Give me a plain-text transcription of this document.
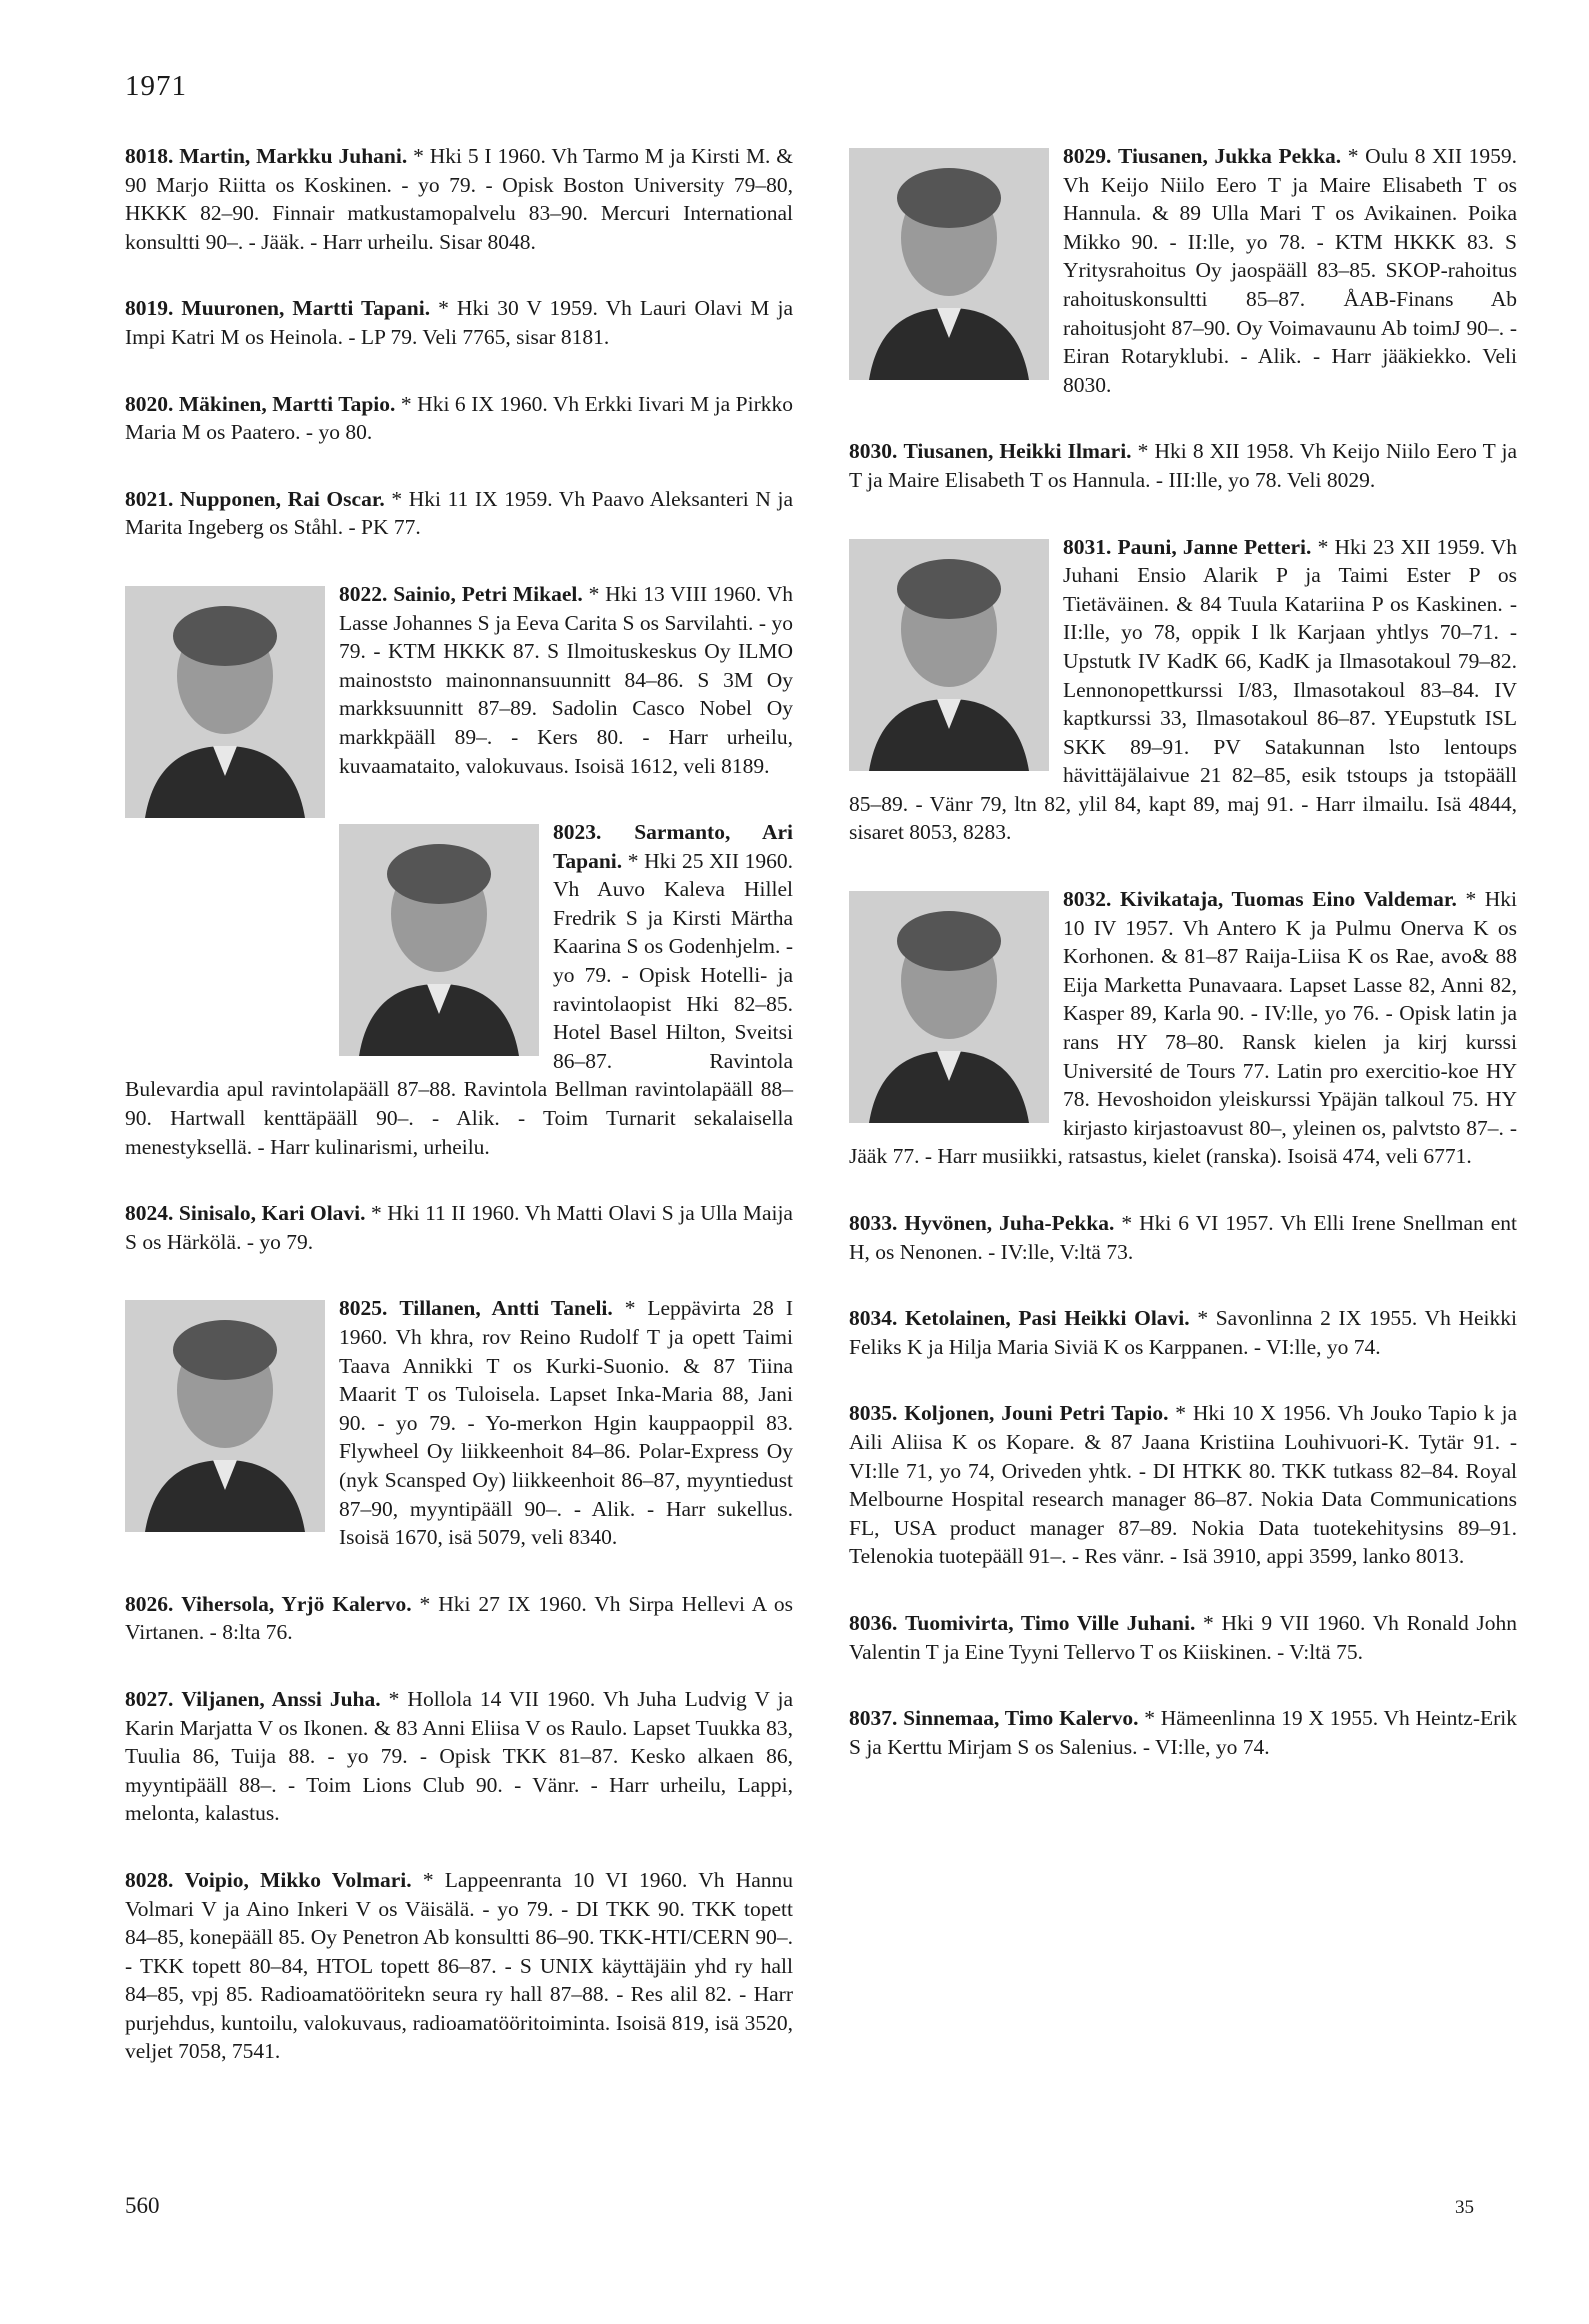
1971
8018. Martin, Markku Juhani. * Hki 5 I 1960. Vh Tarmo M ja Kirsti M. & 90 Marjo Riitta os Koskinen. - yo 79. - Opisk Boston University 79–80, HKKK 82–90. Finnair matkustamopalvelu 83–90. Mercuri International konsultti 90–. - Jääk. - Harr urheilu. Sisar 8048.
8019. Muuronen, Martti Tapani. * Hki 30 V 1959. Vh Lauri Olavi M ja Impi Katri M os Heinola. - LP 79. Veli 7765, sisar 8181.
8020. Mäkinen, Martti Tapio. * Hki 6 IX 1960. Vh Erkki Iivari M ja Pirkko Maria M os Paatero. - yo 80.
8021. Nupponen, Rai Oscar. * Hki 11 IX 1959. Vh Paavo Aleksanteri N ja Marita Ingeberg os Ståhl. - PK 77.
8022. Sainio, Petri Mikael. * Hki 13 VIII 1960. Vh Lasse Johannes S ja Eeva Carita S os Sarvilahti. - yo 79. - KTM HKKK 87. S Ilmoituskeskus Oy ILMO mainoststo mainonnansuunnitt 84–86. S 3M Oy markksuunnitt 87–89. Sadolin Casco Nobel Oy markkpääll 89–. - Kers 80. - Harr urheilu, kuvaamataito, valokuvaus. Isoisä 1612, veli 8189.
8023. Sarmanto, Ari Tapani. * Hki 25 XII 1960. Vh Auvo Kaleva Hillel Fredrik S ja Kirsti Märtha Kaarina S os Godenhjelm. - yo 79. - Opisk Hotelli- ja ravintolaopist Hki 82–85. Hotel Basel Hilton, Sveitsi 86–87. Ravintola Bulevardia apul ravintolapääll 87–88. Ravintola Bellman ravintolapääll 88–90. Hartwall kenttäpääll 90–. - Alik. - Toim Turnarit sekalaisella menestyksellä. - Harr kulinarismi, urheilu.
8024. Sinisalo, Kari Olavi. * Hki 11 II 1960. Vh Matti Olavi S ja Ulla Maija S os Härkölä. - yo 79.
8025. Tillanen, Antti Taneli. * Leppävirta 28 I 1960. Vh khra, rov Reino Rudolf T ja opett Taimi Taava Annikki T os Kurki-Suonio. & 87 Tiina Maarit T os Tuloisela. Lapset Inka-Maria 88, Jani 90. - yo 79. - Yo-merkon Hgin kauppaoppil 83. Flywheel Oy liikkeenhoit 84–86. Polar-Express Oy (nyk Scansped Oy) liikkeenhoit 86–87, myyntiedust 87–90, myyntipääll 90–. - Alik. - Harr sukellus. Isoisä 1670, isä 5079, veli 8340.
8026. Vihersola, Yrjö Kalervo. * Hki 27 IX 1960. Vh Sirpa Hellevi A os Virtanen. - 8:lta 76.
8027. Viljanen, Anssi Juha. * Hollola 14 VII 1960. Vh Juha Ludvig V ja Karin Marjatta V os Ikonen. & 83 Anni Eliisa V os Raulo. Lapset Tuukka 83, Tuulia 86, Tuija 88. - yo 79. - Opisk TKK 81–87. Kesko alkaen 86, myyntipääll 88–. - Toim Lions Club 90. - Vänr. - Harr urheilu, Lappi, melonta, kalastus.
8028. Voipio, Mikko Volmari. * Lappeenranta 10 VI 1960. Vh Hannu Volmari V ja Aino Inkeri V os Väisälä. - yo 79. - DI TKK 90. TKK topett 84–85, konepääll 85. Oy Penetron Ab konsultti 86–90. TKK-HTI/CERN 90–. - TKK topett 80–84, HTOL topett 86–87. - S UNIX käyttäjäin yhd ry hall 84–85, vpj 85. Radioamatööritekn seura ry hall 87–88. - Res alil 82. - Harr purjehdus, kuntoilu, valokuvaus, radioamatööritoiminta. Isoisä 819, isä 3520, veljet 7058, 7541.
8029. Tiusanen, Jukka Pekka. * Oulu 8 XII 1959. Vh Keijo Niilo Eero T ja Maire Elisabeth T os Hannula. & 89 Ulla Mari T os Avikainen. Poika Mikko 90. - II:lle, yo 78. - KTM HKKK 83. S Yritysrahoitus Oy jaospääll 83–85. SKOP-rahoitus rahoituskonsultti 85–87. ÅAB-Finans Ab rahoitusjoht 87–90. Oy Voimavaunu Ab toimJ 90–. - Eiran Rotaryklubi. - Alik. - Harr jääkiekko. Veli 8030.
8030. Tiusanen, Heikki Ilmari. * Hki 8 XII 1958. Vh Keijo Niilo Eero T ja T ja Maire Elisabeth T os Hannula. - III:lle, yo 78. Veli 8029.
8031. Pauni, Janne Petteri. * Hki 23 XII 1959. Vh Juhani Ensio Alarik P ja Taimi Ester P os Tietäväinen. & 84 Tuula Katariina P os Kaskinen. - II:lle, yo 78, oppik I lk Karjaan yhtlys 70–71. - Upstutk IV KadK 66, KadK ja Ilmasotakoul 79–82. Lennonopettkurssi I/83, Ilmasotakoul 83–84. IV kaptkurssi 33, Ilmasotakoul 86–87. YEupstutk ISL SKK 89–91. PV Satakunnan lsto lentoups hävittäjälaivue 21 82–85, esik tstoups ja tstopääll 85–89. - Vänr 79, ltn 82, ylil 84, kapt 89, maj 91. - Harr ilmailu. Isä 4844, sisaret 8053, 8283.
8032. Kivikataja, Tuomas Eino Valdemar. * Hki 10 IV 1957. Vh Antero K ja Pulmu Onerva K os Korhonen. & 81–87 Raija-Liisa K os Rae, avo& 88 Eija Marketta Punavaara. Lapset Lasse 82, Anni 82, Kasper 89, Karla 90. - IV:lle, yo 76. - Opisk latin ja rans HY 78–80. Ransk kielen ja kirj kurssi Université de Tours 77. Latin pro exercitio-koe HY 78. Hevoshoidon yleiskurssi Ypäjän talkoul 75. HY kirjasto kirjastoavust 80–, yleinen os, palvtsto 87–. - Jääk 77. - Harr musiikki, ratsastus, kielet (ranska). Isoisä 474, veli 6771.
8033. Hyvönen, Juha-Pekka. * Hki 6 VI 1957. Vh Elli Irene Snellman ent H, os Nenonen. - IV:lle, V:ltä 73.
8034. Ketolainen, Pasi Heikki Olavi. * Savonlinna 2 IX 1955. Vh Heikki Feliks K ja Hilja Maria Siviä K os Karppanen. - VI:lle, yo 74.
8035. Koljonen, Jouni Petri Tapio. * Hki 10 X 1956. Vh Jouko Tapio k ja Aili Aliisa K os Kopare. & 87 Jaana Kristiina Louhivuori-K. Tytär 91. - VI:lle 71, yo 74, Oriveden yhtk. - DI HTKK 80. TKK tutkass 82–84. Royal Melbourne Hospital research manager 86–87. Nokia Data Communications FL, USA product manager 87–89. Nokia Data tuotekehitysins 89–91. Telenokia tuotepääll 91–. - Res vänr. - Isä 3910, appi 3599, lanko 8013.
8036. Tuomivirta, Timo Ville Juhani. * Hki 9 VII 1960. Vh Ronald John Valentin T ja Eine Tyyni Tellervo T os Kiiskinen. - V:ltä 75.
8037. Sinnemaa, Timo Kalervo. * Hämeenlinna 19 X 1955. Vh Heintz-Erik S ja Kerttu Mirjam S os Salenius. - VI:lle, yo 74.
560	35
